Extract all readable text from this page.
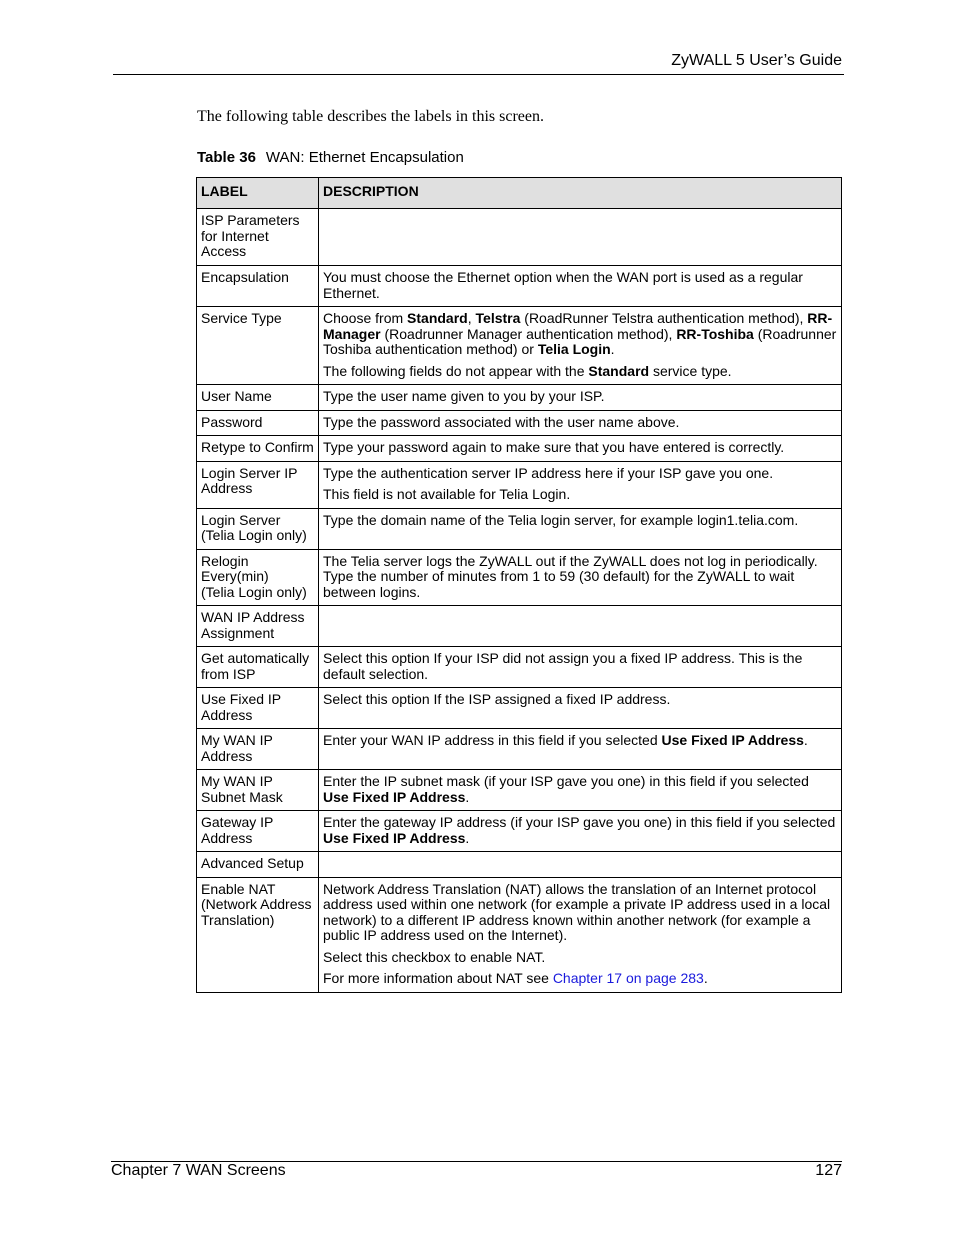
ZyWALL 5 User’s Guide
The following table describes the labels in this screen.
Table 36 WAN: Ethernet Encapsulation
LABEL	DESCRIPTION
ISP Parameters for Internet Access	
Encapsulation	You must choose the Ethernet option when the WAN port is used as a regular Ethernet.

Service Type	Choose from Standard, Telstra (RoadRunner Telstra authentication method), RR-Manager (Roadrunner Manager authentication method), RR-Toshiba (Roadrunner Toshiba authentication method) or Telia Login.

The following fields do not appear with the Standard service type.

User Name	Type the user name given to you by your ISP.

Password	Type the password associated with the user name above.

Retype to Confirm	Type your password again to make sure that you have entered is correctly.

Login Server IP Address	Type the authentication server IP address here if your ISP gave you one.

This field is not available for Telia Login.

Login Server
(Telia Login only)	Type the domain name of the Telia login server, for example login1.telia.com.

Relogin Every(min)
(Telia Login only)	The Telia server logs the ZyWALL out if the ZyWALL does not log in periodically. Type the number of minutes from 1 to 59 (30 default) for the ZyWALL to wait between logins.

WAN IP Address Assignment	
Get automatically from ISP	Select this option If your ISP did not assign you a fixed IP address. This is the default selection.

Use Fixed IP Address	Select this option If the ISP assigned a fixed IP address.

My WAN IP Address	Enter your WAN IP address in this field if you selected Use Fixed IP Address.

My WAN IP Subnet Mask	Enter the IP subnet mask (if your ISP gave you one) in this field if you selected Use Fixed IP Address.

Gateway IP Address	Enter the gateway IP address (if your ISP gave you one) in this field if you selected Use Fixed IP Address.

Advanced Setup	
Enable NAT (Network Address Translation)	Network Address Translation (NAT) allows the translation of an Internet protocol address used within one network (for example a private IP address used in a local network) to a different IP address known within another network (for example a public IP address used on the Internet).

Select this checkbox to enable NAT.

For more information about NAT see Chapter 17 on page 283.

Chapter 7 WAN Screens	127
